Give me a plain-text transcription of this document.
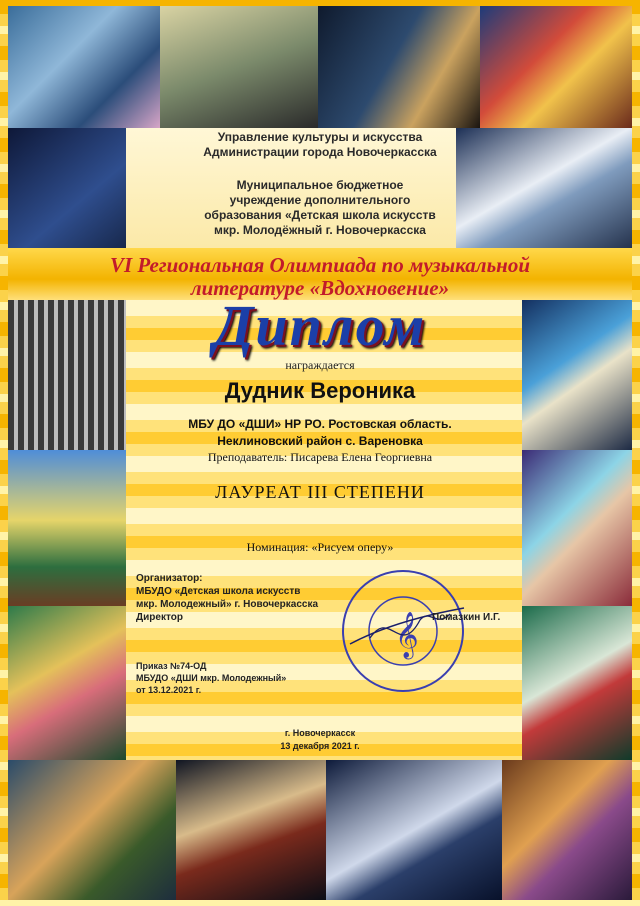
Управление культуры и искусства
Администрации города Новочеркасска
Муниципальное бюджетное
учреждение дополнительного
образования «Детская школа искусств
мкр. Молодёжный г. Новочеркасска
VI Региональная Олимпиада по музыкальной
литературе «Вдохновение»
Диплом
награждается
Дудник Вероника
МБУ ДО «ДШИ» НР РО. Ростовская область.
Неклиновский район с. Вареновка
Преподаватель: Писарева Елена Георгиевна
ЛАУРЕАТ III СТЕПЕНИ
Номинация: «Рисуем оперу»
Организатор:
МБУДО «Детская школа искусств
мкр. Молодежный» г. Новочеркасска
Директор	Помазкин И.Г.
Приказ №74-ОД
МБУДО «ДШИ мкр. Молодежный»
от 13.12.2021 г.
г. Новочеркасск
13 декабря 2021 г.
𝄞
